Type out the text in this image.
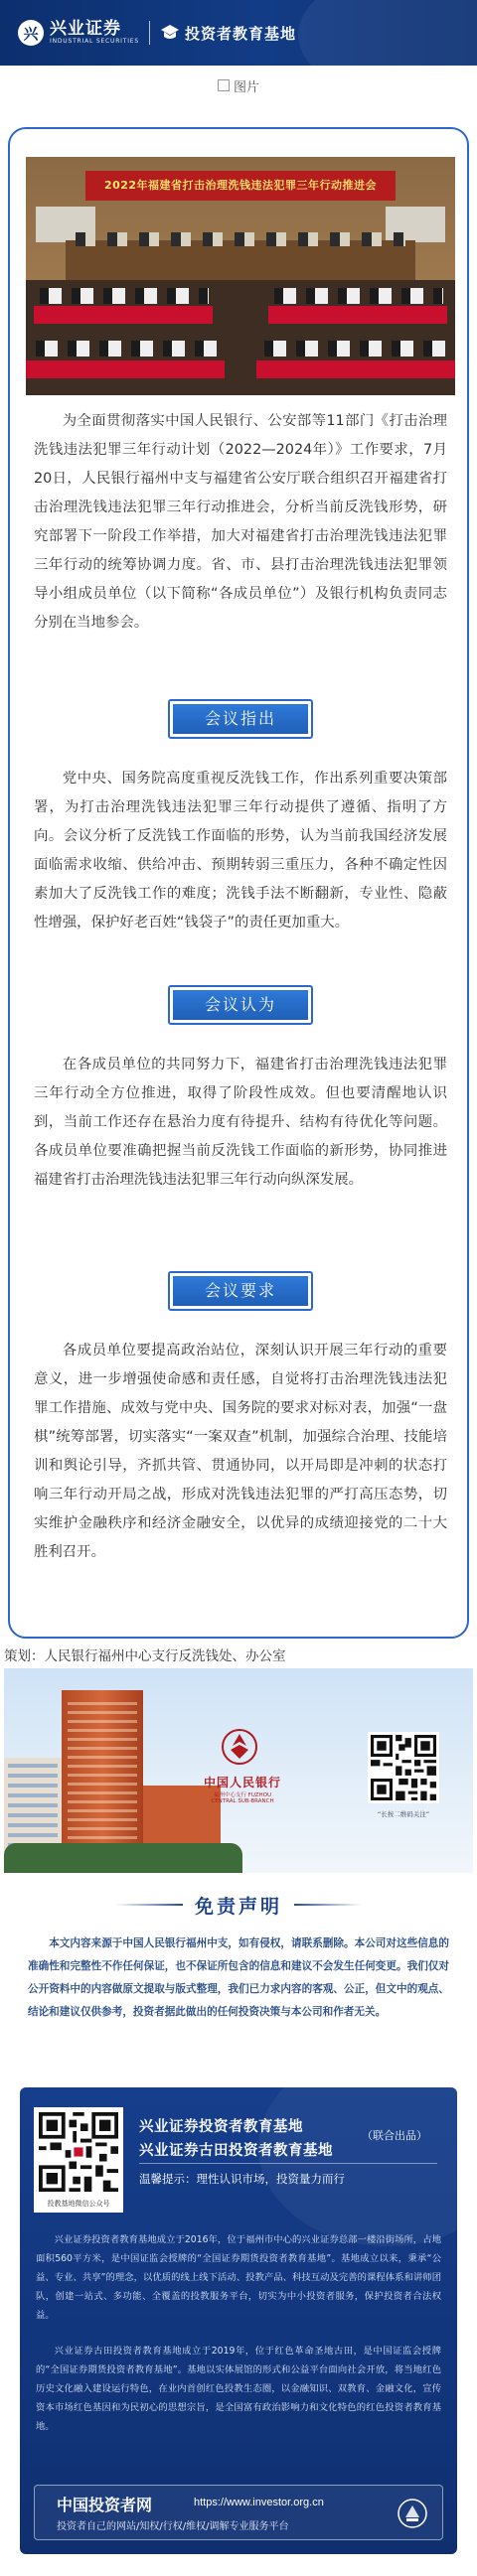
兴 兴业证券
INDUSTRIAL SECURITIES	投资者教育基地
图片
2022年福建省打击治理洗钱违法犯罪三年行动推进会

为全面贯彻落实中国人民银行、公安部等11部门《打击治理洗钱违法犯罪三年行动计划（2022—2024年）》工作要求，7月20日，人民银行福州中支与福建省公安厅联合组织召开福建省打击治理洗钱违法犯罪三年行动推进会，分析当前反洗钱形势，研究部署下一阶段工作举措，加大对福建省打击治理洗钱违法犯罪三年行动的统筹协调力度。省、市、县打击治理洗钱违法犯罪领导小组成员单位（以下简称“各成员单位”）及银行机构负责同志分别在当地参会。

会议指出

党中央、国务院高度重视反洗钱工作，作出系列重要决策部署，为打击治理洗钱违法犯罪三年行动提供了遵循、指明了方向。会议分析了反洗钱工作面临的形势，认为当前我国经济发展面临需求收缩、供给冲击、预期转弱三重压力，各种不确定性因素加大了反洗钱工作的难度；洗钱手法不断翻新，专业性、隐蔽性增强，保护好老百姓“钱袋子”的责任更加重大。

会议认为

在各成员单位的共同努力下，福建省打击治理洗钱违法犯罪三年行动全方位推进，取得了阶段性成效。但也要清醒地认识到，当前工作还存在悬治力度有待提升、结构有待优化等问题。各成员单位要准确把握当前反洗钱工作面临的新形势，协同推进福建省打击治理洗钱违法犯罪三年行动向纵深发展。

会议要求

各成员单位要提高政治站位，深刻认识开展三年行动的重要意义，进一步增强使命感和责任感，自觉将打击治理洗钱违法犯罪工作措施、成效与党中央、国务院的要求对标对表，加强“一盘棋”统筹部署，切实落实“一案双查”机制，加强综合治理、技能培训和舆论引导，齐抓共管、贯通协同，以开局即是冲刺的状态打响三年行动开局之战，形成对洗钱违法犯罪的严打高压态势，切实维护金融秩序和经济金融安全，以优异的成绩迎接党的二十大胜利召开。

策划：人民银行福州中心支行反洗钱处、办公室
中国人民银行
福州中心支行 FUZHOU CENTRAL SUB-BRANCH
“长按二维码关注”
免责声明

本文内容来源于中国人民银行福州中支，如有侵权，请联系删除。本公司对这些信息的准确性和完整性不作任何保证，也不保证所包含的信息和建议不会发生任何变更。我们仅对公开资料中的内容做原文提取与版式整理，我们已力求内容的客观、公正，但文中的观点、结论和建议仅供参考，投资者据此做出的任何投资决策与本公司和作者无关。

投教基地微信公众号
兴业证券投资者教育基地
兴业证券古田投资者教育基地
（联合出品）
温馨提示：理性认识市场，投资量力而行

兴业证券投资者教育基地成立于2016年，位于福州市中心的兴业证券总部一楼沿街场所，占地面积560平方米，是中国证监会授牌的“全国证券期货投资者教育基地”。基地成立以来，秉承“公益、专业、共享”的理念，以优质的线上线下活动、投教产品、科技互动及完善的课程体系和讲师团队，创建一站式、多功能、全覆盖的投教服务平台，切实为中小投资者服务，保护投资者合法权益。

兴业证券古田投资者教育基地成立于2019年，位于红色革命圣地古田，是中国证监会授牌的“全国证券期货投资者教育基地”。基地以实体展馆的形式和公益平台面向社会开放，将当地红色历史文化融入建设运行特色，在业内首创红色投教生态圈，以金融知识、双教育、金融文化，宣传资本市场红色基因和为民初心的思想宗旨，是全国富有政治影响力和文化特色的红色投资者教育基地。

中国投资者网	https://www.investor.org.cn
投资者自己的网站/知权/行权/维权/调解专业服务平台
